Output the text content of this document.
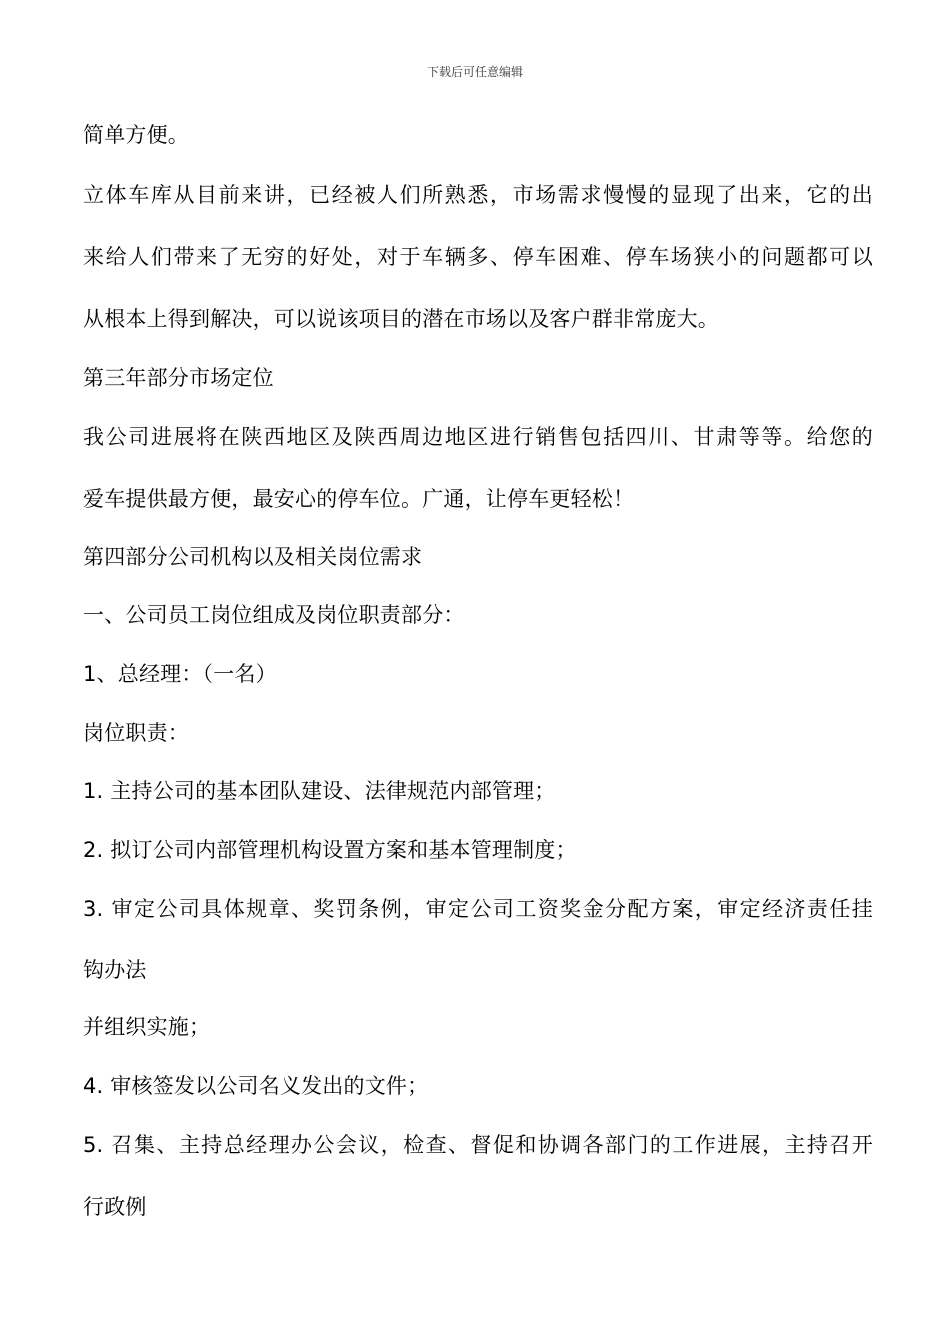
下载后可任意编辑
简单方便。
立体车库从目前来讲，已经被人们所熟悉，市场需求慢慢的显现了出来，它的出
来给人们带来了无穷的好处，对于车辆多、停车困难、停车场狭小的问题都可以
从根本上得到解决，可以说该项目的潜在市场以及客户群非常庞大。
第三年部分市场定位
我公司进展将在陕西地区及陕西周边地区进行销售包括四川、甘肃等等。给您的
爱车提供最方便，最安心的停车位。广通，让停车更轻松！
第四部分公司机构以及相关岗位需求
一、公司员工岗位组成及岗位职责部分：
1、总经理：（一名）
岗位职责：
1. 主持公司的基本团队建设、法律规范内部管理；
2. 拟订公司内部管理机构设置方案和基本管理制度；
3. 审定公司具体规章、奖罚条例，审定公司工资奖金分配方案，审定经济责任挂
钩办法
并组织实施；
4. 审核签发以公司名义发出的文件；
5. 召集、主持总经理办公会议，检查、督促和协调各部门的工作进展，主持召开
行政例
